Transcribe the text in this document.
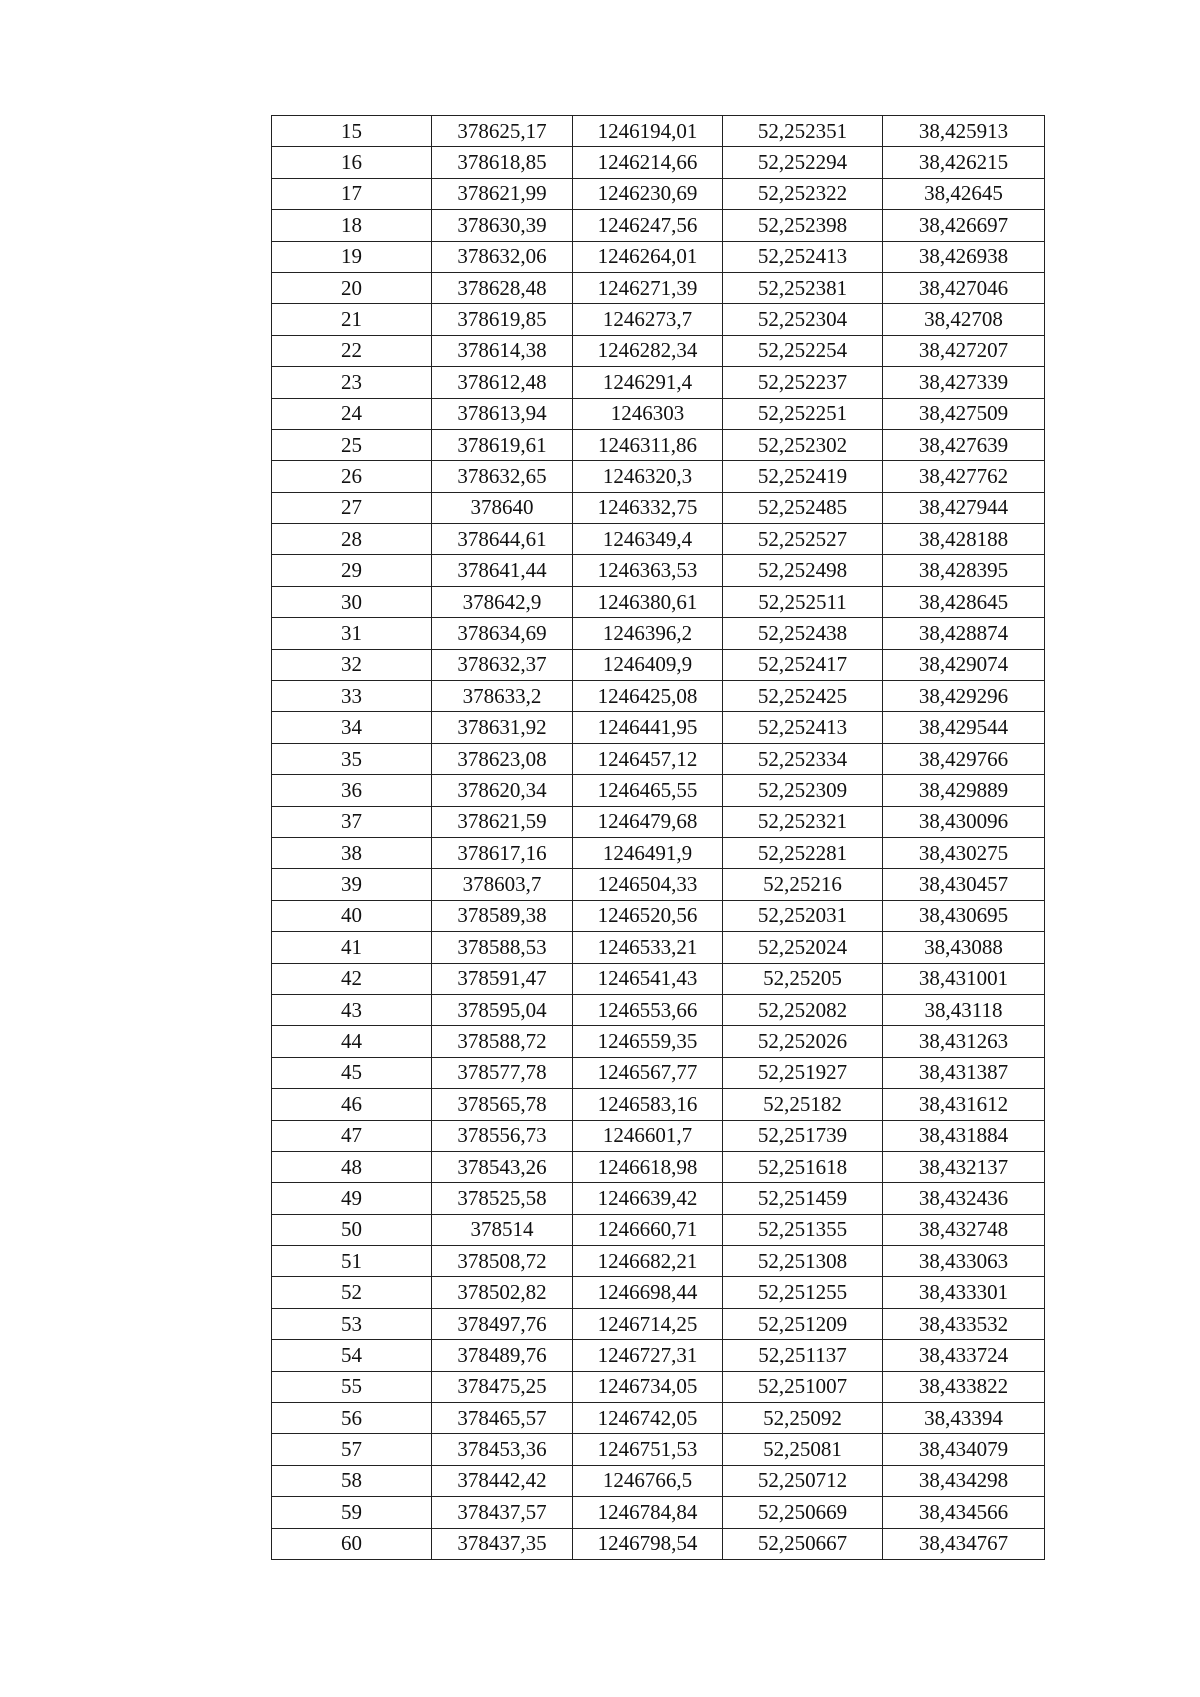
15	378625,17	1246194,01	52,252351	38,425913
16	378618,85	1246214,66	52,252294	38,426215
17	378621,99	1246230,69	52,252322	38,42645
18	378630,39	1246247,56	52,252398	38,426697
19	378632,06	1246264,01	52,252413	38,426938
20	378628,48	1246271,39	52,252381	38,427046
21	378619,85	1246273,7	52,252304	38,42708
22	378614,38	1246282,34	52,252254	38,427207
23	378612,48	1246291,4	52,252237	38,427339
24	378613,94	1246303	52,252251	38,427509
25	378619,61	1246311,86	52,252302	38,427639
26	378632,65	1246320,3	52,252419	38,427762
27	378640	1246332,75	52,252485	38,427944
28	378644,61	1246349,4	52,252527	38,428188
29	378641,44	1246363,53	52,252498	38,428395
30	378642,9	1246380,61	52,252511	38,428645
31	378634,69	1246396,2	52,252438	38,428874
32	378632,37	1246409,9	52,252417	38,429074
33	378633,2	1246425,08	52,252425	38,429296
34	378631,92	1246441,95	52,252413	38,429544
35	378623,08	1246457,12	52,252334	38,429766
36	378620,34	1246465,55	52,252309	38,429889
37	378621,59	1246479,68	52,252321	38,430096
38	378617,16	1246491,9	52,252281	38,430275
39	378603,7	1246504,33	52,25216	38,430457
40	378589,38	1246520,56	52,252031	38,430695
41	378588,53	1246533,21	52,252024	38,43088
42	378591,47	1246541,43	52,25205	38,431001
43	378595,04	1246553,66	52,252082	38,43118
44	378588,72	1246559,35	52,252026	38,431263
45	378577,78	1246567,77	52,251927	38,431387
46	378565,78	1246583,16	52,25182	38,431612
47	378556,73	1246601,7	52,251739	38,431884
48	378543,26	1246618,98	52,251618	38,432137
49	378525,58	1246639,42	52,251459	38,432436
50	378514	1246660,71	52,251355	38,432748
51	378508,72	1246682,21	52,251308	38,433063
52	378502,82	1246698,44	52,251255	38,433301
53	378497,76	1246714,25	52,251209	38,433532
54	378489,76	1246727,31	52,251137	38,433724
55	378475,25	1246734,05	52,251007	38,433822
56	378465,57	1246742,05	52,25092	38,43394
57	378453,36	1246751,53	52,25081	38,434079
58	378442,42	1246766,5	52,250712	38,434298
59	378437,57	1246784,84	52,250669	38,434566
60	378437,35	1246798,54	52,250667	38,434767
